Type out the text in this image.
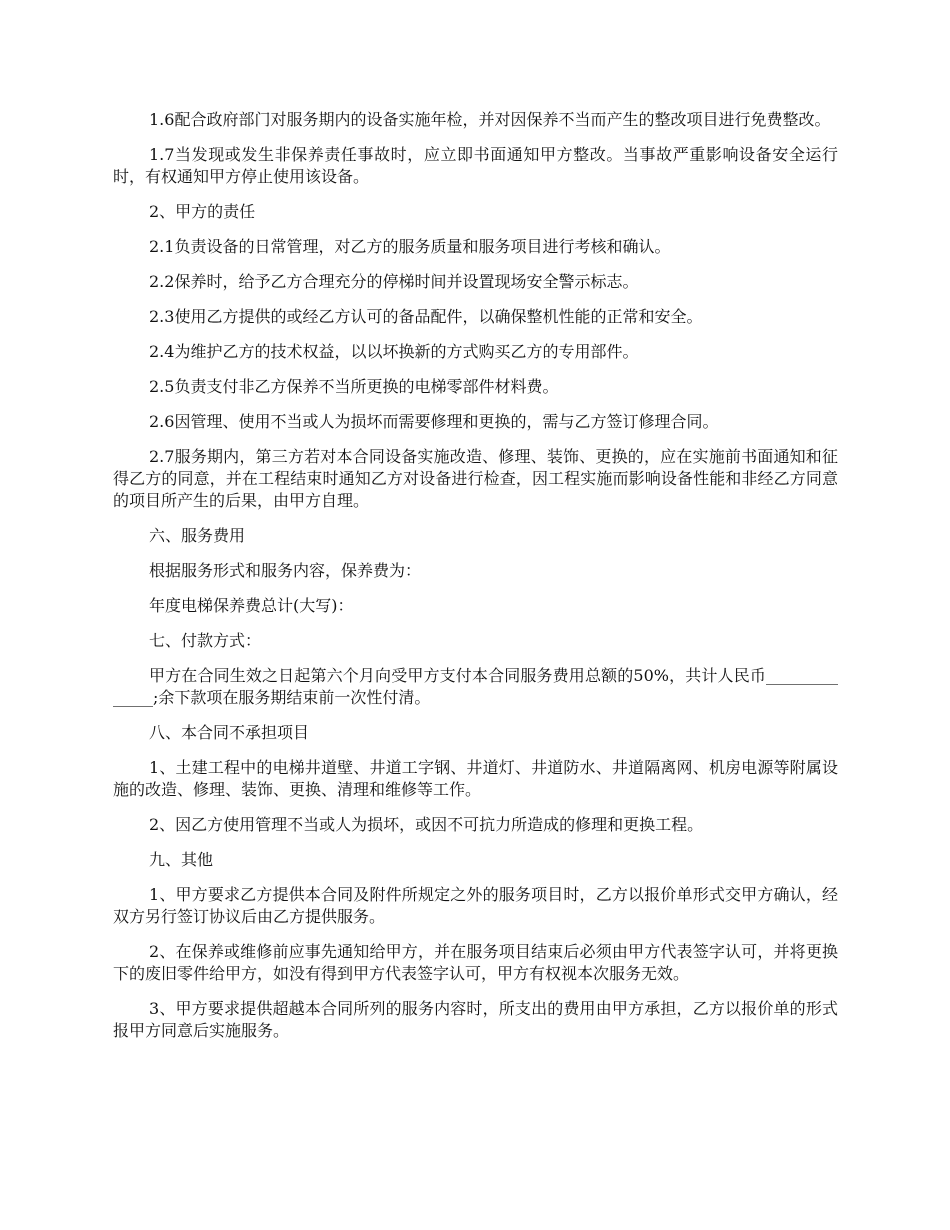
1.6配合政府部门对服务期内的设备实施年检，并对因保养不当而产生的整改项目进行免费整改。

1.7当发现或发生非保养责任事故时，应立即书面通知甲方整改。当事故严重影响设备安全运行时，有权通知甲方停止使用该设备。

2、甲方的责任

2.1负责设备的日常管理，对乙方的服务质量和服务项目进行考核和确认。

2.2保养时，给予乙方合理充分的停梯时间并设置现场安全警示标志。

2.3使用乙方提供的或经乙方认可的备品配件，以确保整机性能的正常和安全。

2.4为维护乙方的技术权益，以以坏换新的方式购买乙方的专用部件。

2.5负责支付非乙方保养不当所更换的电梯零部件材料费。

2.6因管理、使用不当或人为损坏而需要修理和更换的，需与乙方签订修理合同。

2.7服务期内，第三方若对本合同设备实施改造、修理、装饰、更换的，应在实施前书面通知和征得乙方的同意，并在工程结束时通知乙方对设备进行检查，因工程实施而影响设备性能和非经乙方同意的项目所产生的后果，由甲方自理。

六、服务费用

根据服务形式和服务内容，保养费为：

年度电梯保养费总计(大写)：

七、付款方式：

甲方在合同生效之日起第六个月向受甲方支付本合同服务费用总额的50%，共计人民币______________;余下款项在服务期结束前一次性付清。

八、本合同不承担项目

1、土建工程中的电梯井道壁、井道工字钢、井道灯、井道防水、井道隔离网、机房电源等附属设施的改造、修理、装饰、更换、清理和维修等工作。

2、因乙方使用管理不当或人为损坏，或因不可抗力所造成的修理和更换工程。

九、其他

1、甲方要求乙方提供本合同及附件所规定之外的服务项目时，乙方以报价单形式交甲方确认，经双方另行签订协议后由乙方提供服务。

2、在保养或维修前应事先通知给甲方，并在服务项目结束后必须由甲方代表签字认可，并将更换下的废旧零件给甲方，如没有得到甲方代表签字认可，甲方有权视本次服务无效。

3、甲方要求提供超越本合同所列的服务内容时，所支出的费用由甲方承担，乙方以报价单的形式报甲方同意后实施服务。
